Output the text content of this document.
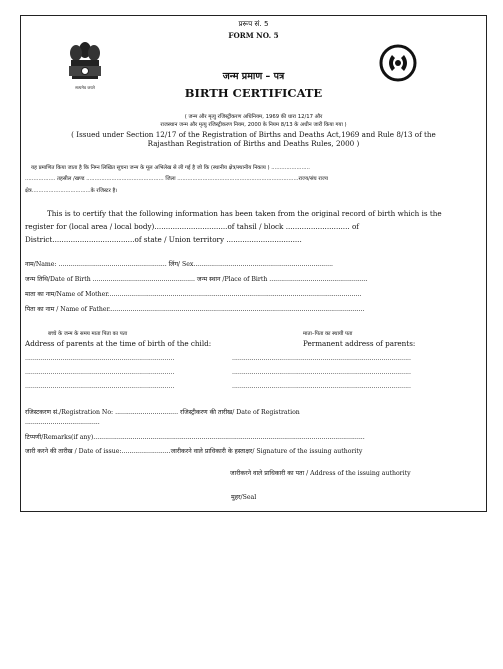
सत्यमेव जयते
प्ररूप सं. 5
FORM NO. 5
जन्म प्रमाण – पत्र
BIRTH CERTIFICATE
( जन्म और मृत्यु रजिस्ट्रीकरण अधिनियम, 1969 की धारा 12/17 और
राजस्थान जन्म और मृत्यु रजिस्ट्रीकरण नियम, 2000 के नियम 8/13 के अधीन जारी किया गया )
( Issued under Section 12/17 of the Registration of Births and Deaths Act,1969 and Rule 8/13 of the
Rajasthan Registration of Births and Deaths Rules, 2000 )
यह प्रमाणित किया जाता है कि निम्न लिखित सूचना जन्म के मूल अभिलेख से ली गई है जो कि (स्थानीय क्षेत्र/स्थानीय निकाय ) .......................
.................. तहसील /खण्ड .............................................. जिला ........................................................................राज्य/संघ राज्य
क्षेत्र...................................के रजिस्टर है।
This is to certify that the following information has been taken from the original record of birth which is the
register for (local area / local body)................................of tahsil / block ............................ of
District....................................of state / Union territory .................................
नाम/Name: ....................................................... लिंग/ Sex.......................................................................
जन्म तिथि/Date of Birth .................................................... जन्म स्थान /Place of Birth ..................................................
माता का नाम/Name of Mother.................................................................................................................................
पिता का नाम / Name of Father..................................................................................................................................
बच्चे के जन्म के समय माता पिता का पता	माता–पिता का स्थायी पता
Address of parents at the time of birth of the child:	Permanent address of parents:
............................................................................	...........................................................................................
............................................................................	...........................................................................................
............................................................................	...........................................................................................
रजिस्टकरण सं./Registration No: ................................ रजिस्ट्रीकरण की तारीख/ Date of Registration
......................................
टिप्पणी/Remarks(if any)..........................................................................................................................................
जारी करने की तारीख / Date of issue:.........................जारीकरने वाले प्राधिकारी के हस्ताक्षर/ Signature of the issuing authority
जारीकरने वाले प्राधिकारी का पता / Address of the issuing authority
मुहर/Seal
